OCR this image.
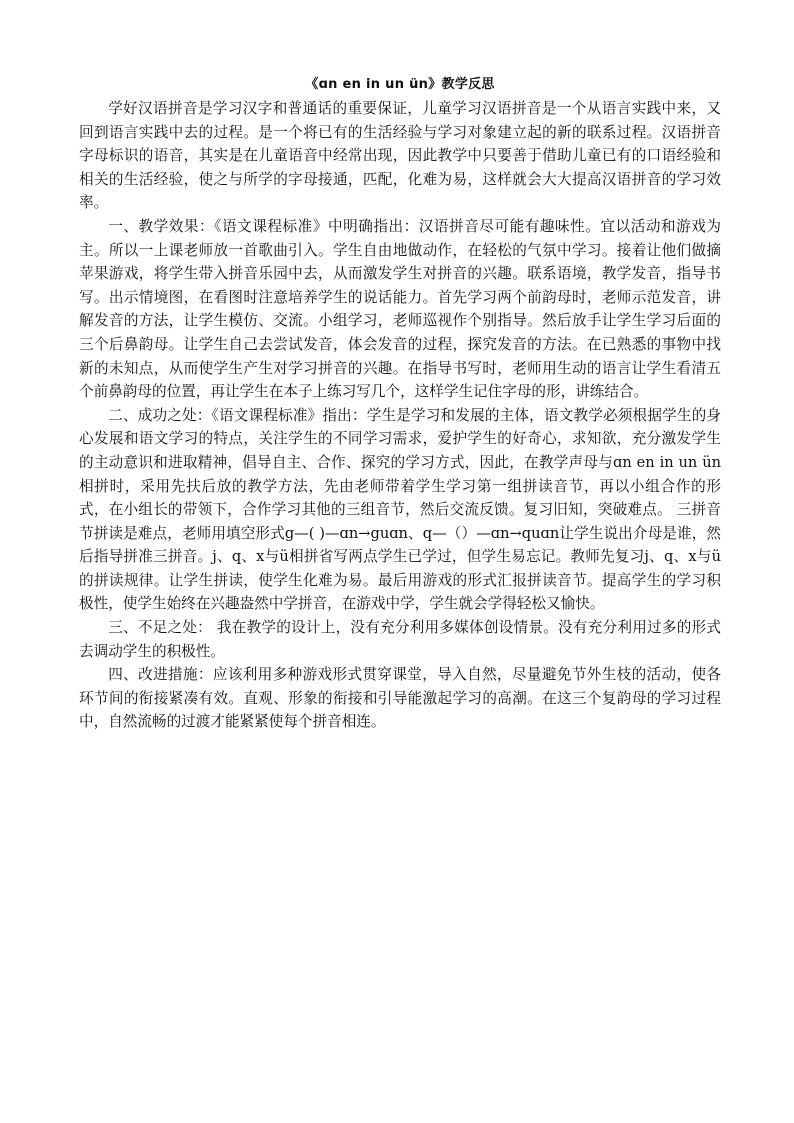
《ɑn en in un ün》教学反思

学好汉语拼音是学习汉字和普通话的重要保证，儿童学习汉语拼音是一个从语言实践中来，又回到语言实践中去的过程。是一个将已有的生活经验与学习对象建立起的新的联系过程。汉语拼音字母标识的语音，其实是在儿童语音中经常出现，因此教学中只要善于借助儿童已有的口语经验和相关的生活经验，使之与所学的字母接通，匹配，化难为易，这样就会大大提高汉语拼音的学习效率。

一、教学效果：《语文课程标准》中明确指出：汉语拼音尽可能有趣味性。宜以活动和游戏为主。所以一上课老师放一首歌曲引入。学生自由地做动作，在轻松的气氛中学习。接着让他们做摘苹果游戏，将学生带入拼音乐园中去，从而激发学生对拼音的兴趣。联系语境，教学发音，指导书写。出示情境图，在看图时注意培养学生的说话能力。首先学习两个前韵母时，老师示范发音，讲解发音的方法，让学生模仿、交流。小组学习，老师巡视作个别指导。然后放手让学生学习后面的三个后鼻韵母。让学生自己去尝试发音，体会发音的过程，探究发音的方法。在已熟悉的事物中找新的未知点，从而使学生产生对学习拼音的兴趣。在指导书写时，老师用生动的语言让学生看清五个前鼻韵母的位置，再让学生在本子上练习写几个，这样学生记住字母的形，讲练结合。

二、成功之处：《语文课程标准》指出：学生是学习和发展的主体，语文教学必须根据学生的身心发展和语文学习的特点，关注学生的不同学习需求，爱护学生的好奇心，求知欲，充分激发学生的主动意识和进取精神，倡导自主、合作、探究的学习方式，因此，在教学声母与ɑn en in un ün相拼时，采用先扶后放的教学方法，先由老师带着学生学习第一组拼读音节，再以小组合作的形式，在小组长的带领下，合作学习其他的三组音节，然后交流反馈。复习旧知，突破难点。 三拼音节拼读是难点，老师用填空形式g—( )—ɑn→guɑn、q—（）—ɑn→quɑn让学生说出介母是谁，然后指导拼准三拼音。j、q、x与ü相拼省写两点学生已学过，但学生易忘记。教师先复习j、q、x与ü的拼读规律。让学生拼读，使学生化难为易。最后用游戏的形式汇报拼读音节。提高学生的学习积极性，使学生始终在兴趣盎然中学拼音，在游戏中学，学生就会学得轻松又愉快。

三、不足之处： 我在教学的设计上，没有充分利用多媒体创设情景。没有充分利用过多的形式去调动学生的积极性。

四、改进措施：应该利用多种游戏形式贯穿课堂，导入自然，尽量避免节外生枝的活动，使各环节间的衔接紧凑有效。直观、形象的衔接和引导能激起学习的高潮。在这三个复韵母的学习过程中，自然流畅的过渡才能紧紧使每个拼音相连。
